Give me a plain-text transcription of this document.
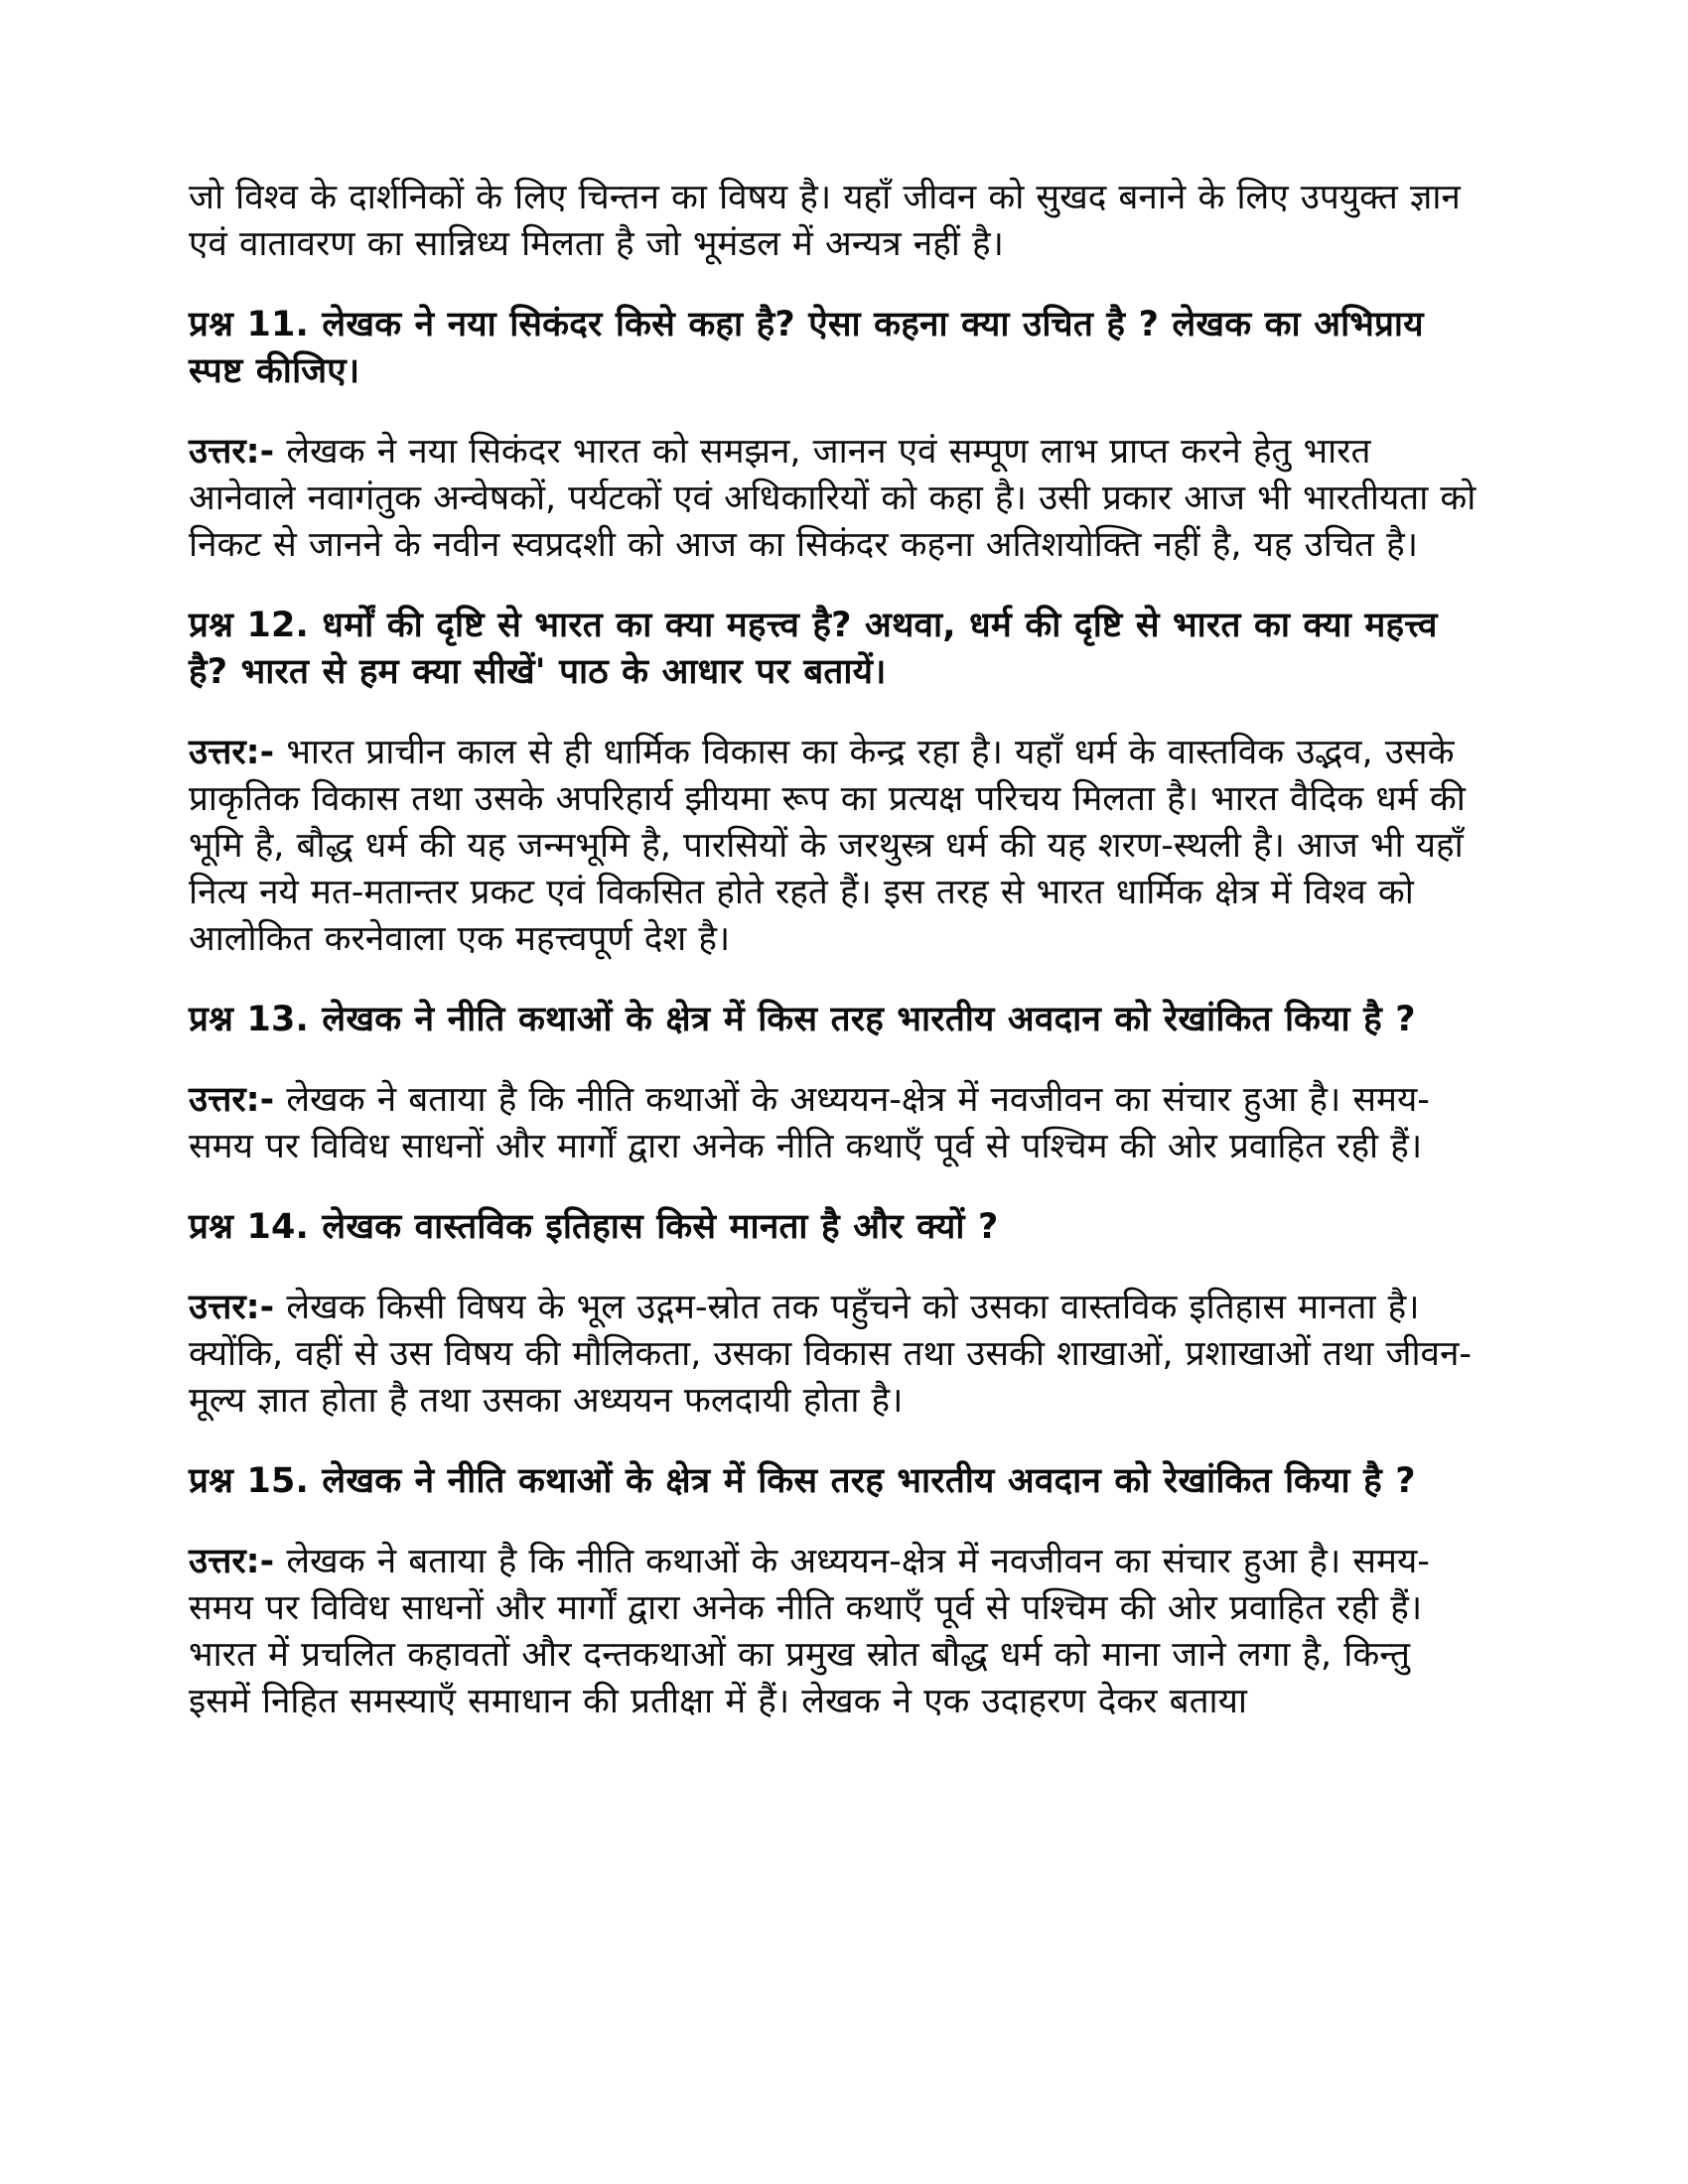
जो विश्व के दार्शनिकों के लिए चिन्तन का विषय है। यहाँ जीवन को सुखद बनाने के लिए उपयुक्त ज्ञान एवं वातावरण का सान्निध्य मिलता है जो भूमंडल में अन्यत्र नहीं है।

प्रश्न 11. लेखक ने नया सिकंदर किसे कहा है? ऐसा कहना क्या उचित है ? लेखक का अभिप्राय स्पष्ट कीजिए।

उत्तर:- लेखक ने नया सिकंदर भारत को समझन, जानन एवं सम्पूण लाभ प्राप्त करने हेतु भारत आनेवाले नवागंतुक अन्वेषकों, पर्यटकों एवं अधिकारियों को कहा है। उसी प्रकार आज भी भारतीयता को निकट से जानने के नवीन स्वप्रदशी को आज का सिकंदर कहना अतिशयोक्ति नहीं है, यह उचित है।

प्रश्न 12. धर्मों की दृष्टि से भारत का क्या महत्त्व है? अथवा, धर्म की दृष्टि से भारत का क्या महत्त्व है? भारत से हम क्या सीखें' पाठ के आधार पर बतायें।

उत्तर:- भारत प्राचीन काल से ही धार्मिक विकास का केन्द्र रहा है। यहाँ धर्म के वास्तविक उद्भव, उसके प्राकृतिक विकास तथा उसके अपरिहार्य झीयमा रूप का प्रत्यक्ष परिचय मिलता है। भारत वैदिक धर्म की भूमि है, बौद्ध धर्म की यह जन्मभूमि है, पारसियों के जरथुस्त्र धर्म की यह शरण-स्थली है। आज भी यहाँ नित्य नये मत-मतान्तर प्रकट एवं विकसित होते रहते हैं। इस तरह से भारत धार्मिक क्षेत्र में विश्व को आलोकित करनेवाला एक महत्त्वपूर्ण देश है।

प्रश्न 13. लेखक ने नीति कथाओं के क्षेत्र में किस तरह भारतीय अवदान को रेखांकित किया है ?

उत्तर:- लेखक ने बताया है कि नीति कथाओं के अध्ययन-क्षेत्र में नवजीवन का संचार हुआ है। समय-समय पर विविध साधनों और मार्गों द्वारा अनेक नीति कथाएँ पूर्व से पश्चिम की ओर प्रवाहित रही हैं।

प्रश्न 14. लेखक वास्तविक इतिहास किसे मानता है और क्यों ?

उत्तर:- लेखक किसी विषय के भूल उद्गम-स्रोत तक पहुँचने को उसका वास्तविक इतिहास मानता है। क्योंकि, वहीं से उस विषय की मौलिकता, उसका विकास तथा उसकी शाखाओं, प्रशाखाओं तथा जीवन-मूल्य ज्ञात होता है तथा उसका अध्ययन फलदायी होता है।

प्रश्न 15. लेखक ने नीति कथाओं के क्षेत्र में किस तरह भारतीय अवदान को रेखांकित किया है ?

उत्तर:- लेखक ने बताया है कि नीति कथाओं के अध्ययन-क्षेत्र में नवजीवन का संचार हुआ है। समय-समय पर विविध साधनों और मार्गों द्वारा अनेक नीति कथाएँ पूर्व से पश्चिम की ओर प्रवाहित रही हैं। भारत में प्रचलित कहावतों और दन्तकथाओं का प्रमुख स्रोत बौद्ध धर्म को माना जाने लगा है, किन्तु इसमें निहित समस्याएँ समाधान की प्रतीक्षा में हैं। लेखक ने एक उदाहरण देकर बताया
